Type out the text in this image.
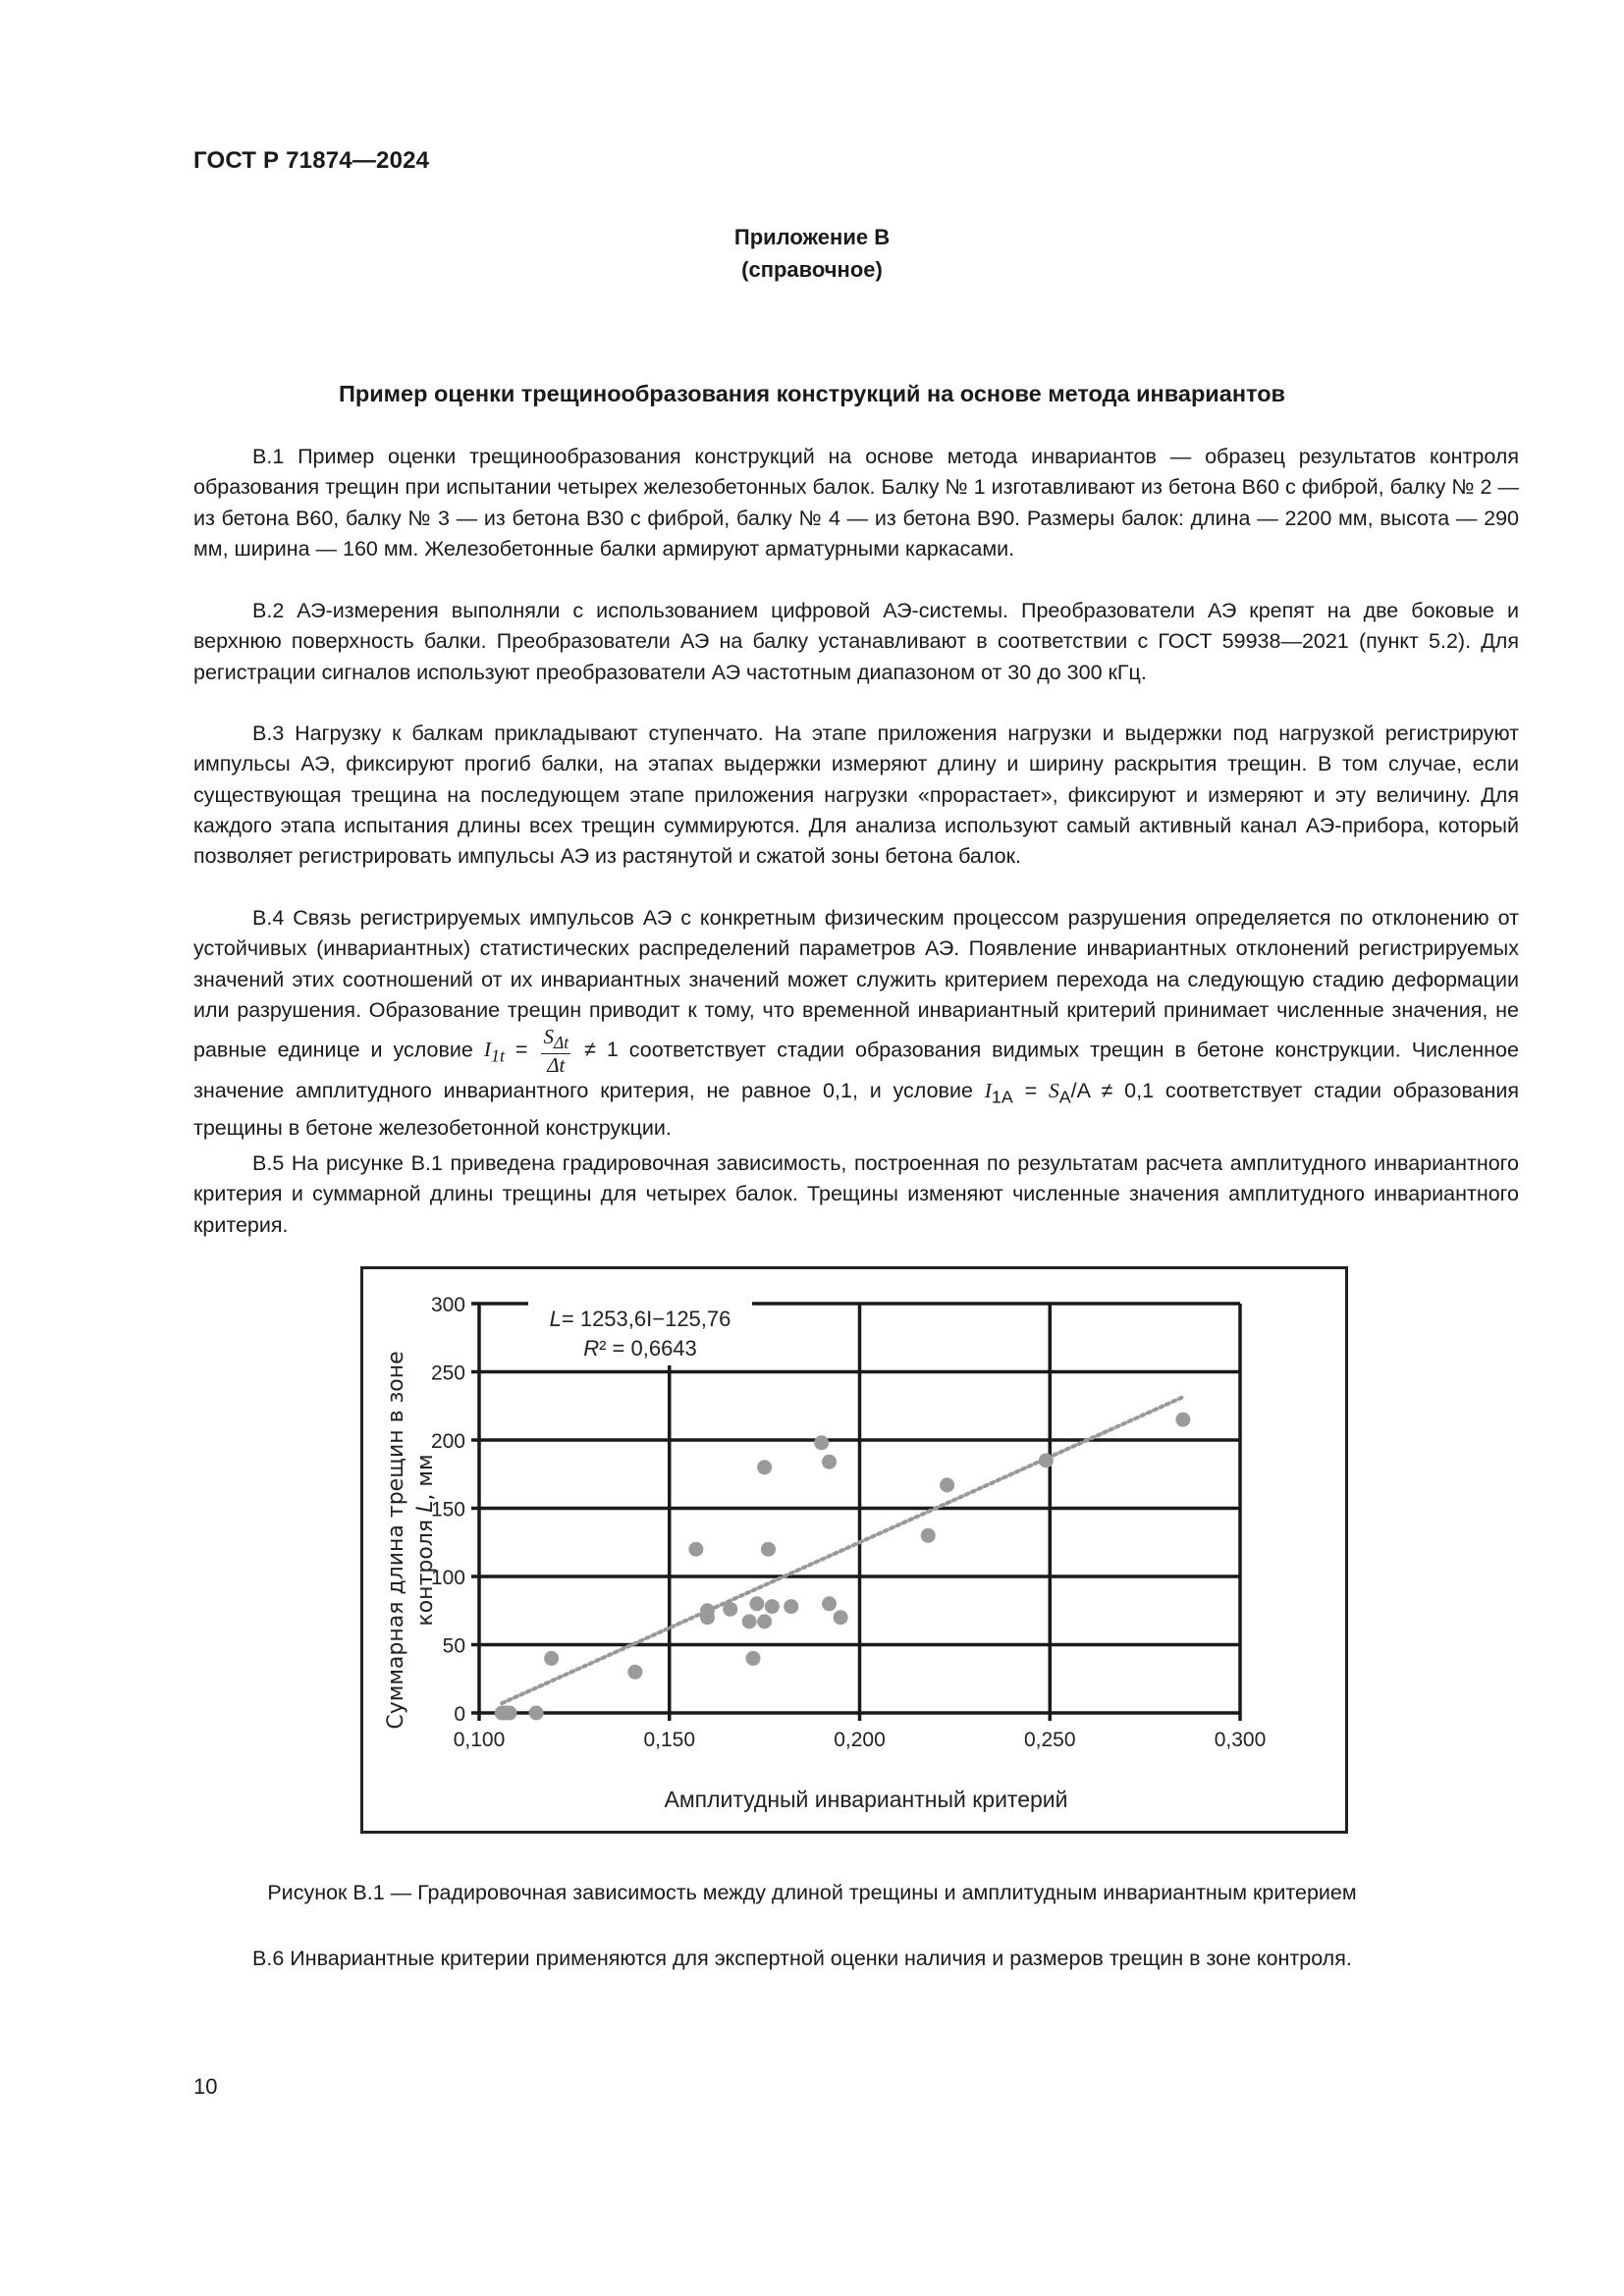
ГОСТ Р 71874—2024
Приложение В
(справочное)
Пример оценки трещинообразования конструкций на основе метода инвариантов
В.1 Пример оценки трещинообразования конструкций на основе метода инвариантов — образец результатов контроля образования трещин при испытании четырех железобетонных балок. Балку № 1 изготавливают из бетона В60 с фиброй, балку № 2 — из бетона В60, балку № 3 — из бетона В30 с фиброй, балку № 4 — из бетона В90. Размеры балок: длина — 2200 мм, высота — 290 мм, ширина — 160 мм. Железобетонные балки армируют арматурными каркасами.
В.2 АЭ-измерения выполняли с использованием цифровой АЭ-системы. Преобразователи АЭ крепят на две боковые и верхнюю поверхность балки. Преобразователи АЭ на балку устанавливают в соответствии с ГОСТ 59938—2021 (пункт 5.2). Для регистрации сигналов используют преобразователи АЭ частотным диапазоном от 30 до 300 кГц.
В.3 Нагрузку к балкам прикладывают ступенчато. На этапе приложения нагрузки и выдержки под нагрузкой регистрируют импульсы АЭ, фиксируют прогиб балки, на этапах выдержки измеряют длину и ширину раскрытия трещин. В том случае, если существующая трещина на последующем этапе приложения нагрузки «прорастает», фиксируют и измеряют и эту величину. Для каждого этапа испытания длины всех трещин суммируются. Для анализа используют самый активный канал АЭ-прибора, который позволяет регистрировать импульсы АЭ из растянутой и сжатой зоны бетона балок.
В.4 Связь регистрируемых импульсов АЭ с конкретным физическим процессом разрушения определяется по отклонению от устойчивых (инвариантных) статистических распределений параметров АЭ. Появление инвариантных отклонений регистрируемых значений этих соотношений от их инвариантных значений может служить критерием перехода на следующую стадию деформации или разрушения. Образование трещин приводит к тому, что временной инвариантный критерий принимает численные значения, не равные единице и условие $I_{1t} = \frac{S_{\Delta t}}{\Delta t} \ne 1$ соответствует стадии образования видимых трещин в бетоне конструкции. Численное значение амплитудного инвариантного критерия, не равное 0,1, и условие $I_{1A} = S_A/A \ne 0,1$ соответствует стадии образования трещины в бетоне железобетонной конструкции.
В.5 На рисунке В.1 приведена градировочная зависимость, построенная по результатам расчета амплитудного инвариантного критерия и суммарной длины трещины для четырех балок. Трещины изменяют численные значения амплитудного инвариантного критерия.
0
50
100
150
200
250
300
0,100	0,150	0,200	0,250	0,300
L= 1253,6I−125,76
R² = 0,6643
Амплитудный инвариантный критерий
Суммарная длина трещин в зоне контроля L, мм
Рисунок В.1 — Градировочная зависимость между длиной трещины и амплитудным инвариантным критерием
В.6 Инвариантные критерии применяются для экспертной оценки наличия и размеров трещин в зоне контроля.
10
